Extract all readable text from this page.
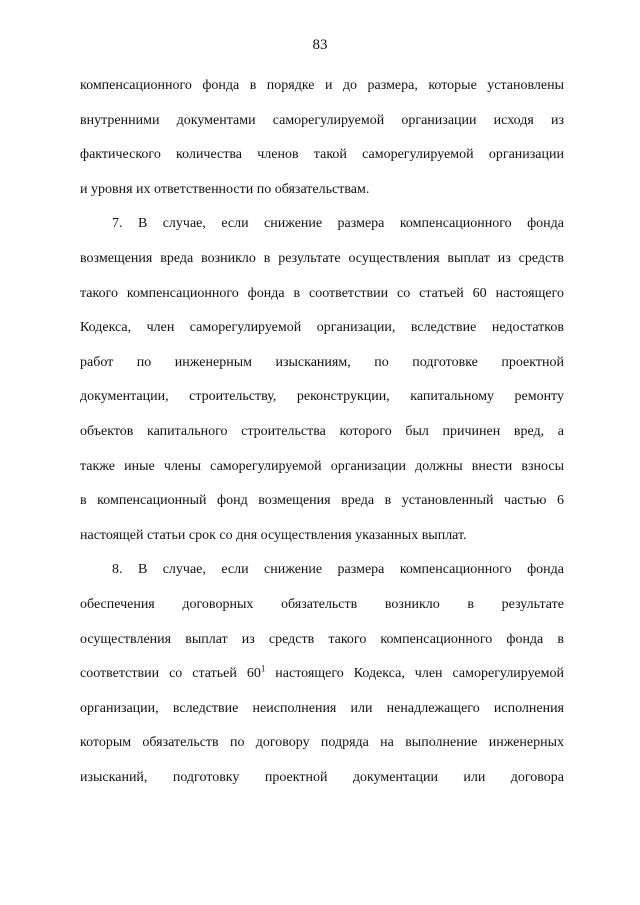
83
компенсационного фонда в порядке и до размера, которые установлены
внутренними документами саморегулируемой организации исходя из
фактического количества членов такой саморегулируемой организации
и уровня их ответственности по обязательствам.
7. В случае, если снижение размера компенсационного фонда
возмещения вреда возникло в результате осуществления выплат из средств
такого компенсационного фонда в соответствии со статьей 60 настоящего
Кодекса, член саморегулируемой организации, вследствие недостатков
работ по инженерным изысканиям, по подготовке проектной
документации, строительству, реконструкции, капитальному ремонту
объектов капитального строительства которого был причинен вред, а
также иные члены саморегулируемой организации должны внести взносы
в компенсационный фонд возмещения вреда в установленный частью 6
настоящей статьи срок со дня осуществления указанных выплат.
8. В случае, если снижение размера компенсационного фонда
обеспечения договорных обязательств возникло в результате
осуществления выплат из средств такого компенсационного фонда в
соответствии со статьей $60^1$ настоящего Кодекса, член саморегулируемой
организации, вследствие неисполнения или ненадлежащего исполнения
которым обязательств по договору подряда на выполнение инженерных
изысканий, подготовку проектной документации или договора
